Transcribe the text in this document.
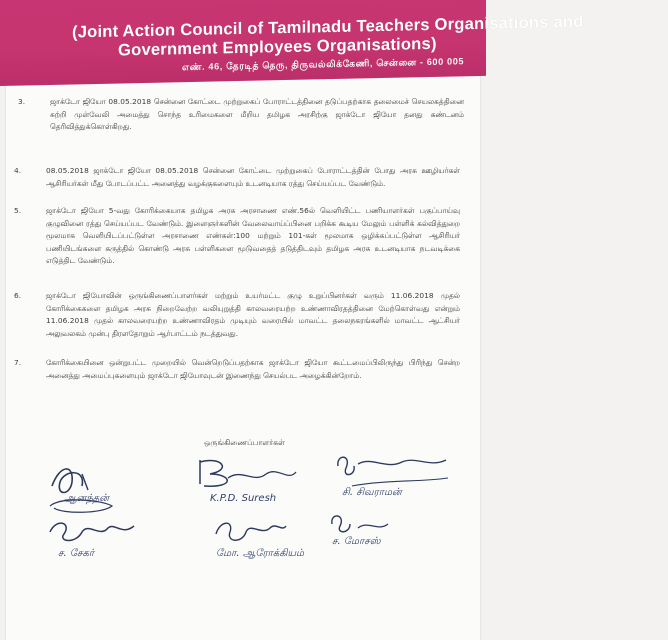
(Joint Action Council of Tamilnadu Teachers Organisations and
Government Employees Organisations)
எண். 46, தேரடித் தெரு, திருவல்லிக்கேணி, சென்னை - 600 005
3.	ஜாக்டோ ஜியோ 08.05.2018 சென்னை கோட்டை முற்றுகைப் போராட்டத்தினை தடுப்பதற்காக தலைமைச் செயலகத்தினை சுற்றி முள்வேலி அமைத்து சொந்த உரிமைகளை மீறிய தமிழக அரசிற்கு ஜாக்டோ ஜியோ தனது கண்டனம் தெரிவித்துக்கொள்கிறது.
4.	08.05.2018 ஜாக்டோ ஜியோ 08.05.2018 சென்னை கோட்டை முற்றுகைப் போராட்டத்தின் போது அரசு ஊழியர்கள் ஆசிரியர்கள் மீது போடப்பட்ட அனைத்து வழக்குகளையும் உடனடியாக ரத்து செய்யப்பட வேண்டும்.
5.	ஜாக்டோ ஜியோ 5-வது கோரிக்கையாக தமிழக அரசு அரசாணை எண்.56ல் வெளியிட்ட பணியாளர்கள் பகுப்பாய்வு குழுவினை ரத்து செய்யப்பட வேண்டும். இளைஞர்களின் வேலைவாய்ப்பினை பறிக்க கூடிய மேலும் பள்ளிக் கல்வித்துறை மூலமாக வெளியிடப்பட்டுள்ள அரசாணை எண்கள்:100 மற்றும் 101-கள் மூலமாக ஒழிக்கப்பட்டுள்ள ஆசிரியர் பணியிடங்களை கருத்தில் கொண்டு அரசு பள்ளிகளை மூடுவதைத் தடுத்திடவும் தமிழக அரசு உடனடியாக நடவடிக்கை எடுத்திட வேண்டும்.
6.	ஜாக்டோ ஜியோவின் ஒருங்கிணைப்பாளர்கள் மற்றும் உயர்மட்ட குழு உறுப்பினர்கள் வரும் 11.06.2018 முதல் கோரிக்கைகளை தமிழக அரசு நிறைவேற்ற வலியுறுத்தி காலவரையற்ற உண்ணாவிரதத்தினை மேற்கொள்வது என்றும் 11.06.2018 முதல் காலவரையற்ற உண்ணாவிரதம் முடியும் வரையில் மாவட்ட தலைநகரங்களில் மாவட்ட ஆட்சியர் அலுவலகம் முன்பு திரளதோறும் ஆர்பாட்டம் நடத்துவது.
7.	கோரிக்கையினை ஒன்றுபட்ட முறையில் வென்றெடுப்பதற்காக ஜாக்டோ ஜியோ கூட்டமைப்பிலிருந்து பிரிந்து சென்ற அனைத்து அமைப்புகளையும் ஜாக்டோ ஜியோவுடன் இணைந்து செயல்பட அழைக்கின்றோம்.
ஒருங்கிணைப்பாளர்கள்
ஆனந்தன்	K.P.D. Suresh
சி. சிவராமன்
ச. சேகர்	மோ. ஆரோக்கியம்
ச. மோசஸ்
